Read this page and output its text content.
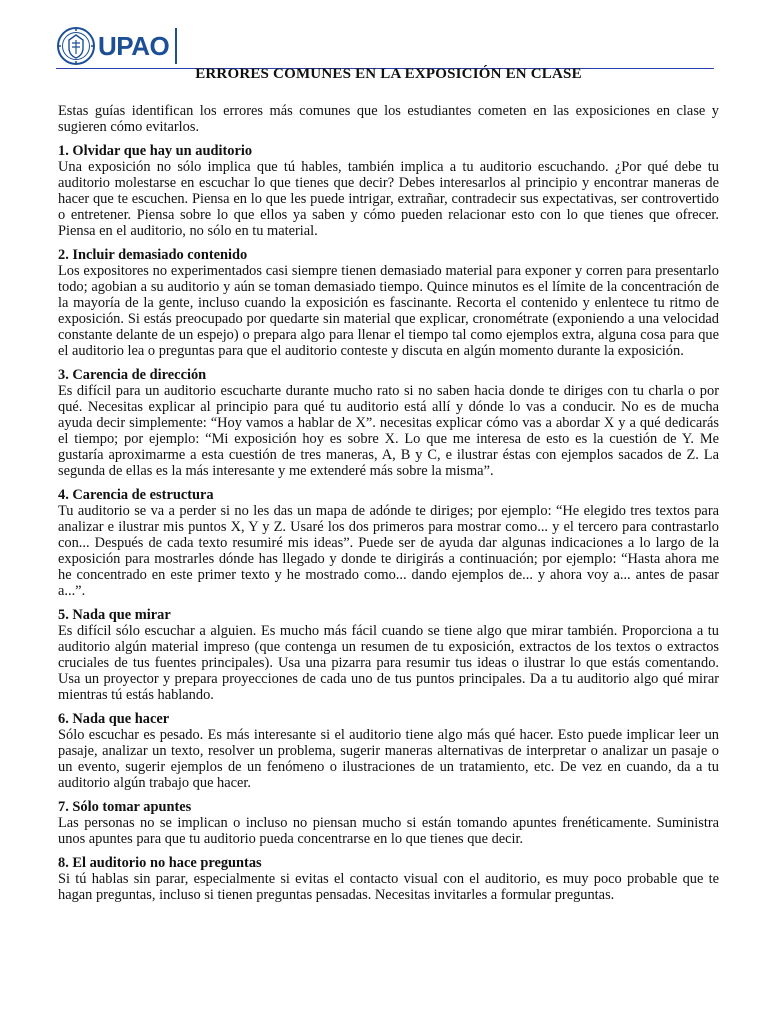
UPAO
ERRORES COMUNES EN LA EXPOSICIÓN EN CLASE

Estas guías identifican los errores más comunes que los estudiantes cometen en las exposiciones en clase y sugieren cómo evitarlos.

1. Olvidar que hay un auditorio

Una exposición no sólo implica que tú hables, también implica a tu auditorio escuchando. ¿Por qué debe tu auditorio molestarse en escuchar lo que tienes que decir? Debes interesarlos al principio y encontrar maneras de hacer que te escuchen. Piensa en lo que les puede intrigar, extrañar, contradecir sus expectativas, ser controvertido o entretener. Piensa sobre lo que ellos ya saben y cómo pueden relacionar esto con lo que tienes que ofrecer. Piensa en el auditorio, no sólo en tu material.

2. Incluir demasiado contenido

Los expositores no experimentados casi siempre tienen demasiado material para exponer y corren para presentarlo todo; agobian a su auditorio y aún se toman demasiado tiempo. Quince minutos es el límite de la concentración de la mayoría de la gente, incluso cuando la exposición es fascinante. Recorta el contenido y enlentece tu ritmo de exposición. Si estás preocupado por quedarte sin material que explicar, cronométrate (exponiendo a una velocidad constante delante de un espejo) o prepara algo para llenar el tiempo tal como ejemplos extra, alguna cosa para que el auditorio lea o preguntas para que el auditorio conteste y discuta en algún momento durante la exposición.

3. Carencia de dirección

Es difícil para un auditorio escucharte durante mucho rato si no saben hacia donde te diriges con tu charla o por qué. Necesitas explicar al principio para qué tu auditorio está allí y dónde lo vas a conducir. No es de mucha ayuda decir simplemente: “Hoy vamos a hablar de X”. necesitas explicar cómo vas a abordar X y a qué dedicarás el tiempo; por ejemplo: “Mi exposición hoy es sobre X. Lo que me interesa de esto es la cuestión de Y. Me gustaría aproximarme a esta cuestión de tres maneras, A, B y C, e ilustrar éstas con ejemplos sacados de Z. La segunda de ellas es la más interesante y me extenderé más sobre la misma”.

4. Carencia de estructura

Tu auditorio se va a perder si no les das un mapa de adónde te diriges; por ejemplo: “He elegido tres textos para analizar e ilustrar mis puntos X, Y y Z. Usaré los dos primeros para mostrar como... y el tercero para contrastarlo con... Después de cada texto resumiré mis ideas”. Puede ser de ayuda dar algunas indicaciones a lo largo de la exposición para mostrarles dónde has llegado y donde te dirigirás a continuación; por ejemplo: “Hasta ahora me he concentrado en este primer texto y he mostrado como... dando ejemplos de... y ahora voy a... antes de pasar a...”.

5. Nada que mirar

Es difícil sólo escuchar a alguien. Es mucho más fácil cuando se tiene algo que mirar también. Proporciona a tu auditorio algún material impreso (que contenga un resumen de tu exposición, extractos de los textos o extractos cruciales de tus fuentes principales). Usa una pizarra para resumir tus ideas o ilustrar lo que estás comentando. Usa un proyector y prepara proyecciones de cada uno de tus puntos principales. Da a tu auditorio algo qué mirar mientras tú estás hablando.

6. Nada que hacer

Sólo escuchar es pesado. Es más interesante si el auditorio tiene algo más qué hacer. Esto puede implicar leer un pasaje, analizar un texto, resolver un problema, sugerir maneras alternativas de interpretar o analizar un pasaje o un evento, sugerir ejemplos de un fenómeno o ilustraciones de un tratamiento, etc. De vez en cuando, da a tu auditorio algún trabajo que hacer.

7. Sólo tomar apuntes

Las personas no se implican o incluso no piensan mucho si están tomando apuntes frenéticamente. Suministra unos apuntes para que tu auditorio pueda concentrarse en lo que tienes que decir.

8. El auditorio no hace preguntas

Si tú hablas sin parar, especialmente si evitas el contacto visual con el auditorio, es muy poco probable que te hagan preguntas, incluso si tienen preguntas pensadas. Necesitas invitarles a formular preguntas.
